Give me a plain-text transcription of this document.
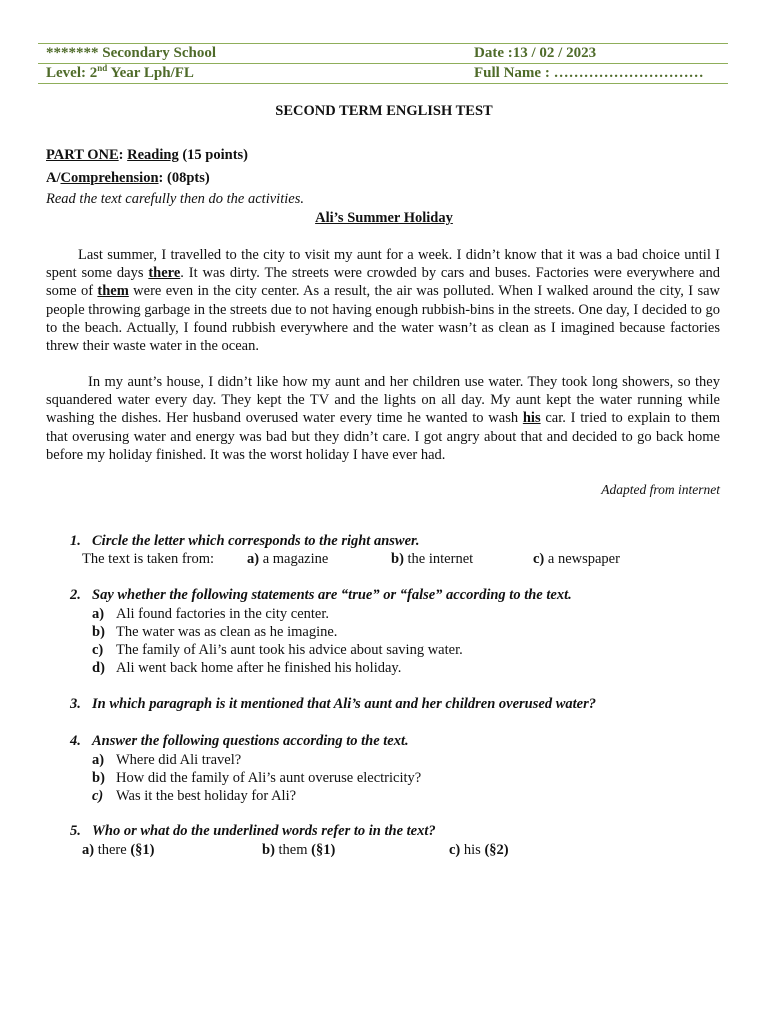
******* Secondary School	Date :13 / 02 / 2023
Level: 2nd Year Lph/FL	Full Name : …………………………
SECOND TERM ENGLISH TEST
PART ONE: Reading (15 points)
A/Comprehension: (08pts)
Read the text carefully then do the activities.
Ali’s Summer Holiday
Last summer, I travelled to the city to visit my aunt for a week. I didn’t know that it was a bad choice until I spent some days there. It was dirty. The streets were crowded by cars and buses. Factories were everywhere and some of them were even in the city center. As a result, the air was polluted. When I walked around the city, I saw people throwing garbage in the streets due to not having enough rubbish-bins in the streets. One day, I decided to go to the beach. Actually, I found rubbish everywhere and the water wasn’t as clean as I imagined because factories threw their waste water in the ocean.
In my aunt’s house, I didn’t like how my aunt and her children use water. They took long showers, so they squandered water every day. They kept the TV and the lights on all day. My aunt kept the water running while washing the dishes. Her husband overused water every time he wanted to wash his car. I tried to explain to them that overusing water and energy was bad but they didn’t care. I got angry about that and decided to go back home before my holiday finished. It was the worst holiday I have ever had.
Adapted from internet
1. Circle the letter which corresponds to the right answer.
The text is taken from: a) a magazine	b) the internet	c) a newspaper
2. Say whether the following statements are “true” or “false” according to the text.
a) Ali found factories in the city center.
b) The water was as clean as he imagine.
c) The family of Ali’s aunt took his advice about saving water.
d) Ali went back home after he finished his holiday.
3. In which paragraph is it mentioned that Ali’s aunt and her children overused water?
4. Answer the following questions according to the text.
a) Where did Ali travel?
b) How did the family of Ali’s aunt overuse electricity?
c) Was it the best holiday for Ali?
5. Who or what do the underlined words refer to in the text?
a) there (§1)	b) them (§1)	c) his (§2)
